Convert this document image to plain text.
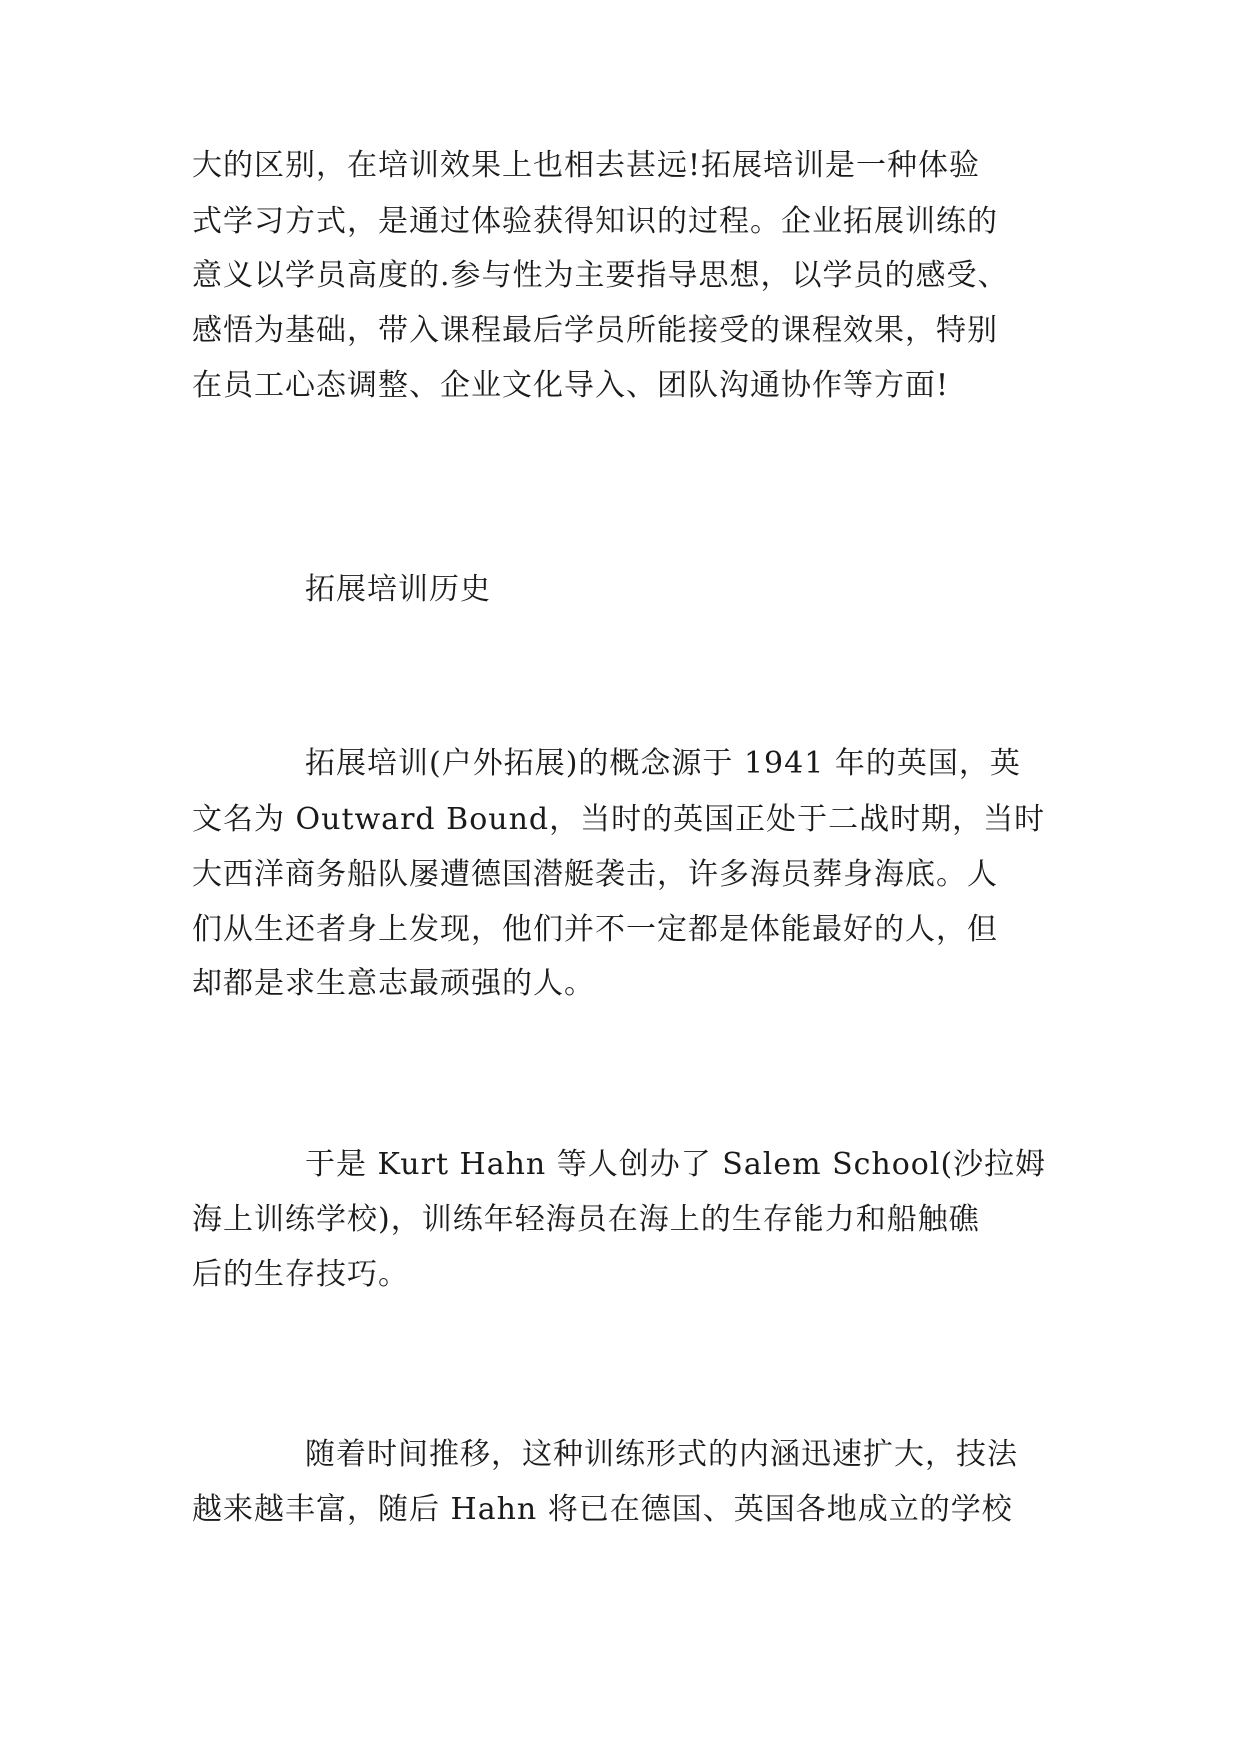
大的区别，在培训效果上也相去甚远!拓展培训是一种体验

式学习方式，是通过体验获得知识的过程。企业拓展训练的

意义以学员高度的.参与性为主要指导思想，以学员的感受、

感悟为基础，带入课程最后学员所能接受的课程效果，特别

在员工心态调整、企业文化导入、团队沟通协作等方面!

拓展培训历史

拓展培训(户外拓展)的概念源于 1941 年的英国，英

文名为 Outward Bound，当时的英国正处于二战时期，当时

大西洋商务船队屡遭德国潜艇袭击，许多海员葬身海底。人

们从生还者身上发现，他们并不一定都是体能最好的人，但

却都是求生意志最顽强的人。

于是 Kurt Hahn 等人创办了 Salem School(沙拉姆

海上训练学校)，训练年轻海员在海上的生存能力和船触礁

后的生存技巧。

随着时间推移，这种训练形式的内涵迅速扩大，技法

越来越丰富，随后 Hahn 将已在德国、英国各地成立的学校
